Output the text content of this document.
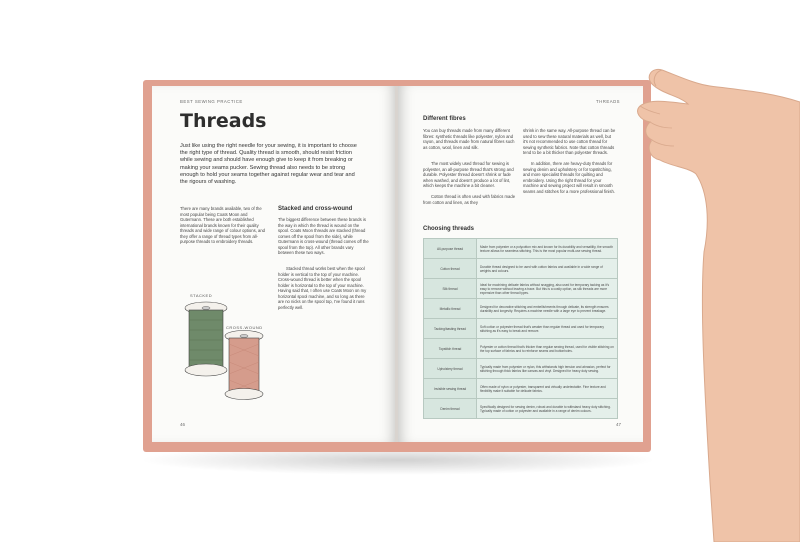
BEST SEWING PRACTICE
Threads
Just like using the right needle for your sewing, it is important to choose the right type of thread. Quality thread is smooth, should resist friction while sewing and should have enough give to keep it from breaking or making your seams pucker. Sewing thread also needs to be strong enough to hold your seams together against regular wear and tear and the rigours of washing.
There are many brands available, two of the most popular being Coats Moon and Gutermann. These are both established international brands known for their quality threads and wide range of colour options, and they offer a range of thread types from all-purpose threads to embroidery threads.
Stacked and cross-wound
The biggest difference between these brands is the way in which the thread is wound on the spool. Coats Moon threads are stacked (thread comes off the spool from the side), while Gutermann is cross-wound (thread comes off the spool from the top). All other brands vary between these two ways.
Stacked thread works best when the spool holder is vertical to the top of your machine. Cross-wound thread is better when the spool holder is horizontal to the top of your machine. Having said that, I often use Coats Moon on my horizontal spool machine, and so long as there are no nicks on the spool top, I've found it runs perfectly well.
STACKED
CROSS-WOUND
46
THREADS
Different fibres
You can buy threads made from many different fibres: synthetic threads like polyester, nylon and rayon, and threads made from natural fibres such as cotton, wool, linen and silk.
The most widely used thread for sewing is polyester, an all-purpose thread that's strong and durable. Polyester thread doesn't shrink or fade when washed, and doesn't produce a lot of lint, which keeps the machine a bit cleaner.
Cotton thread is often used with fabrics made from cotton and linen, as they
shrink in the same way. All-purpose thread can be used to sew these natural materials as well, but it's not recommended to use cotton thread for sewing synthetic fabrics. Note that cotton threads tend to be a bit thicker than polyester threads.
In addition, there are heavy-duty threads for sewing denim and upholstery or for topstitching, and more specialist threads for quilting and embroidery. Using the right thread for your machine and sewing project will result in smooth seams and stitches for a more professional finish.
Choosing threads
All-purpose thread	Made from polyester or a polycotton mix and known for its durability and versatility, the smooth texture allows for seamless stitching. This is the most popular multi-use sewing thread.
Cotton thread	Durable thread designed to be used with cotton fabrics and available in a wide range of weights and colours.
Silk thread	Ideal for machining delicate fabrics without snagging, also used for temporary tacking as it's easy to remove without leaving a trace. But this is a costly option, as silk threads are more expensive than other thread types.
Metallic thread	Designed for decorative stitching and embellishments through delicate, its strength ensures durability and longevity. Requires a machine needle with a large eye to prevent breakage.
Tacking/basting thread	Soft cotton or polyester thread that's weaker than regular thread and used for temporary stitching as it's easy to break and remove.
Topstitch thread	Polyester or cotton thread that's thicker than regular sewing thread, used for visible stitching on the top surface of fabrics and to reinforce seams and buttonholes.
Upholstery thread	Typically made from polyester or nylon, this withstands high tension and abrasion, perfect for stitching through thick fabrics like canvas and vinyl. Designed for heavy duty sewing.
Invisible sewing thread	Often made of nylon or polyester, transparent and virtually undetectable. Fine texture and flexibility make it suitable for delicate fabrics.
Denim thread	Specifically designed for sewing denim, robust and durable to withstand heavy duty stitching. Typically made of cotton or polyester and available in a range of denim colours.
47
